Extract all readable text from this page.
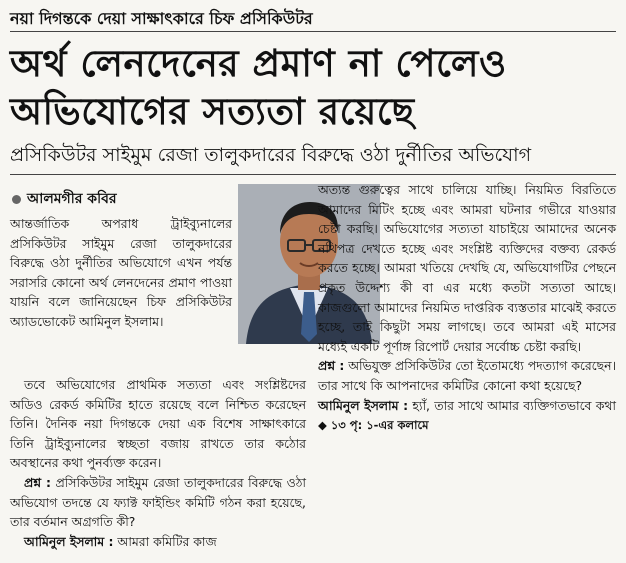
নয়া দিগন্তকে দেয়া সাক্ষাৎকারে চিফ প্রসিকিউটর
অর্থ লেনদেনের প্রমাণ না পেলেও অভিযোগের সত্যতা রয়েছে
প্রসিকিউটর সাইমুম রেজা তালুকদারের বিরুদ্ধে ওঠা দুর্নীতির অভিযোগ
আলমগীর কবির

আন্তর্জাতিক অপরাধ ট্রাইব্যুনালের প্রসিকিউটর সাইমুম রেজা তালুকদারের বিরুদ্ধে ওঠা দুর্নীতির অভিযোগে এখন পর্যন্ত সরাসরি কোনো অর্থ লেনদেনের প্রমাণ পাওয়া যায়নি বলে জানিয়েছেন চিফ প্রসিকিউটর অ্যাডভোকেট আমিনুল ইসলাম।

তবে অভিযোগের প্রাথমিক সত্যতা এবং সংশ্লিষ্টদের অডিও রেকর্ড কমিটির হাতে রয়েছে বলে নিশ্চিত করেছেন তিনি। দৈনিক নয়া দিগন্তকে দেয়া এক বিশেষ সাক্ষাৎকারে তিনি ট্রাইব্যুনালের স্বচ্ছতা বজায় রাখতে তার কঠোর অবস্থানের কথা পুনর্ব্যক্ত করেন।

প্রশ্ন : প্রসিকিউটর সাইমুম রেজা তালুকদারের বিরুদ্ধে ওঠা অভিযোগ তদন্তে যে ফ্যাক্ট ফাইন্ডিং কমিটি গঠন করা হয়েছে, তার বর্তমান অগ্রগতি কী?

আমিনুল ইসলাম : আমরা কমিটির কাজ

অত্যন্ত গুরুত্বের সাথে চালিয়ে যাচ্ছি। নিয়মিত বিরতিতে আমাদের মিটিং হচ্ছে এবং আমরা ঘটনার গভীরে যাওয়ার চেষ্টা করছি। অভিযোগের সত্যতা যাচাইয়ে আমাদের অনেক নথিপত্র দেখতে হচ্ছে এবং সংশ্লিষ্ট ব্যক্তিদের বক্তব্য রেকর্ড করতে হচ্ছে। আমরা খতিয়ে দেখছি যে, অভিযোগটির পেছনে প্রকৃত উদ্দেশ্য কী বা এর মধ্যে কতটা সত্যতা আছে। কাজগুলো আমাদের নিয়মিত দাপ্তরিক ব্যস্ততার মাঝেই করতে হচ্ছে, তাই কিছুটা সময় লাগছে। তবে আমরা এই মাসের মধ্যেই একটি পূর্ণাঙ্গ রিপোর্ট দেয়ার সর্বোচ্চ চেষ্টা করছি।

প্রশ্ন : অভিযুক্ত প্রসিকিউটর তো ইতোমধ্যে পদত্যাগ করেছেন। তার সাথে কি আপনাদের কমিটির কোনো কথা হয়েছে?

আমিনুল ইসলাম : হ্যাঁ, তার সাথে আমার ব্যক্তিগতভাবে কথা ◆ ১৩ পৃ: ১-এর কলামে
